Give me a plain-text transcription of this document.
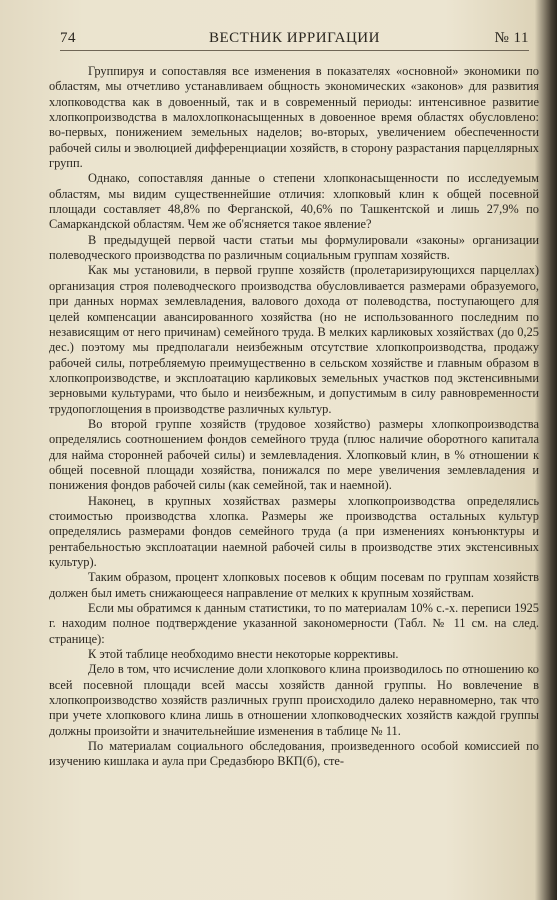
74	ВЕСТНИК ИРРИГАЦИИ	№ 11

Группируя и сопоставляя все изменения в показателях «основной» экономики по областям, мы отчетливо устанавливаем общность экономических «законов» для развития хлопководства как в довоенный, так и в современный периоды: интенсивное развитие хлопкопроизводства в малохлопконасыщенных в довоенное время областях обусловлено: во-первых, понижением земельных наделов; во-вторых, увеличением обеспеченности рабочей силы и эволюцией дифференциации хозяйств, в сторону разрастания парцеллярных групп.

Однако, сопоставляя данные о степени хлопконасыщенности по исследуемым областям, мы видим существеннейшие отличия: хлопковый клин к общей посевной площади составляет 48,8% по Ферганской, 40,6% по Ташкентской и лишь 27,9% по Самаркандской областям. Чем же об'ясняется такое явление?

В предыдущей первой части статьи мы формулировали «законы» организации полеводческого производства по различным социальным группам хозяйств.

Как мы установили, в первой группе хозяйств (пролетаризирующихся парцеллах) организация строя полеводческого производства обусловливается размерами образуемого, при данных нормах землевладения, валового дохода от полеводства, поступающего для целей компенсации авансированного хозяйства (но не использованного последним по независящим от него причинам) семейного труда. В мелких карликовых хозяйствах (до 0,25 дес.) поэтому мы предполагали неизбежным отсутствие хлопкопроизводства, продажу рабочей силы, потребляемую преимущественно в сельском хозяйстве и главным образом в хлопкопроизводстве, и эксплоатацию карликовых земельных участков под экстенсивными зерновыми культурами, что было и неизбежным, и допустимым в силу равновременности трудопоглощения в производстве различных культур.

Во второй группе хозяйств (трудовое хозяйство) размеры хлопкопроизводства определялись соотношением фондов семейного труда (плюс наличие оборотного капитала для найма сторонней рабочей силы) и землевладения. Хлопковый клин, в % отношении к общей посевной площади хозяйства, понижался по мере увеличения землевладения и понижения фондов рабочей силы (как семейной, так и наемной).

Наконец, в крупных хозяйствах размеры хлопкопроизводства определялись стоимостью производства хлопка. Размеры же производства остальных культур определялись размерами фондов семейного труда (а при изменениях конъюнктуры и рентабельностью эксплоатации наемной рабочей силы в производстве этих экстенсивных культур).

Таким образом, процент хлопковых посевов к общим посевам по группам хозяйств должен был иметь снижающееся направление от мелких к крупным хозяйствам.

Если мы обратимся к данным статистики, то по материалам 10% с.-х. переписи 1925 г. находим полное подтверждение указанной закономерности (Табл. № 11 см. на след. странице):

К этой таблице необходимо внести некоторые коррективы.

Дело в том, что исчисление доли хлопкового клина производилось по отношению ко всей посевной площади всей массы хозяйств данной группы. Но вовлечение в хлопкопроизводство хозяйств различных групп происходило далеко неравномерно, так что при учете хлопкового клина лишь в отношении хлопководческих хозяйств каждой группы должны произойти и значительнейшие изменения в таблице № 11.

По материалам социального обследования, произведенного особой комиссией по изучению кишлака и аула при Средазбюро ВКП(б), сте-
